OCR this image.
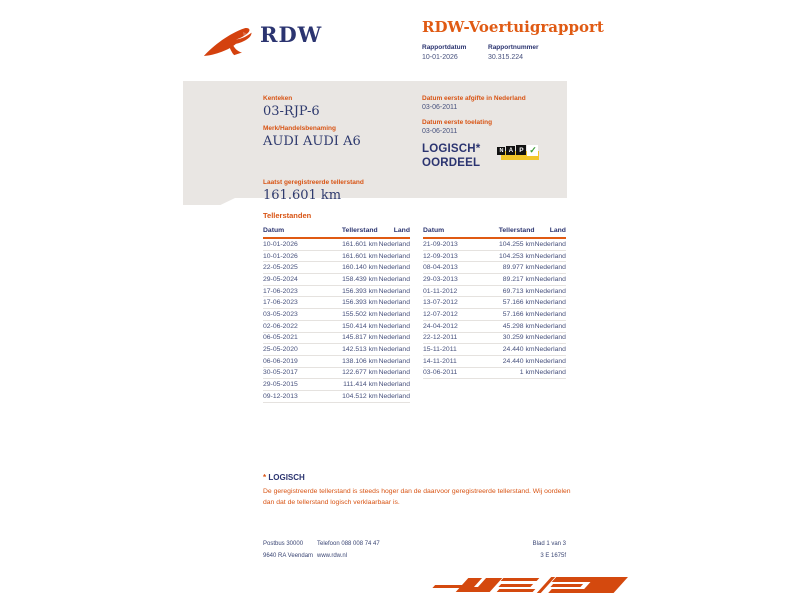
RDW	RDW-Voertuigrapport
Rapportdatum
10-01-2026
Rapportnummer
30.315.224
Kenteken
03-RJP-6
Merk/Handelsbenaming
AUDI AUDI A6
Laatst geregistreerde tellerstand
161.601 km
Datum eerste afgifte in Nederland
03-06-2011
Datum eerste toelating
03-06-2011
LOGISCH*
OORDEEL
N A P ✓
Tellerstanden
Datum	Tellerstand	Land
10-01-2026	161.601 km Nederland
10-01-2026	161.601 km Nederland
22-05-2025	160.140 km Nederland
29-05-2024	158.439 km Nederland
17-06-2023	156.393 km Nederland
17-06-2023	156.393 km Nederland
03-05-2023	155.502 km Nederland
02-06-2022	150.414 km Nederland
06-05-2021	145.817 km Nederland
25-05-2020	142.513 km Nederland
06-06-2019	138.106 km Nederland
30-05-2017	122.677 km Nederland
29-05-2015	111.414 km Nederland
09-12-2013	104.512 km Nederland
Datum	Tellerstand	Land
21-09-2013	104.255 km Nederland
12-09-2013	104.253 km Nederland
08-04-2013	89.977 km Nederland
29-03-2013	89.217 km Nederland
01-11-2012	69.713 km Nederland
13-07-2012	57.166 km Nederland
12-07-2012	57.166 km Nederland
24-04-2012	45.298 km Nederland
22-12-2011	30.259 km Nederland
15-11-2011	24.440 km Nederland
14-11-2011	24.440 km Nederland
03-06-2011	1 km Nederland
* LOGISCH
De geregistreerde tellerstand is steeds hoger dan de daarvoor geregistreerde tellerstand. Wij oordelen dan dat de tellerstand logisch verklaarbaar is.
Postbus 30000
9640 RA Veendam
Telefoon 088 008 74 47
www.rdw.nl
Blad 1 van 3
3 E 1675f
